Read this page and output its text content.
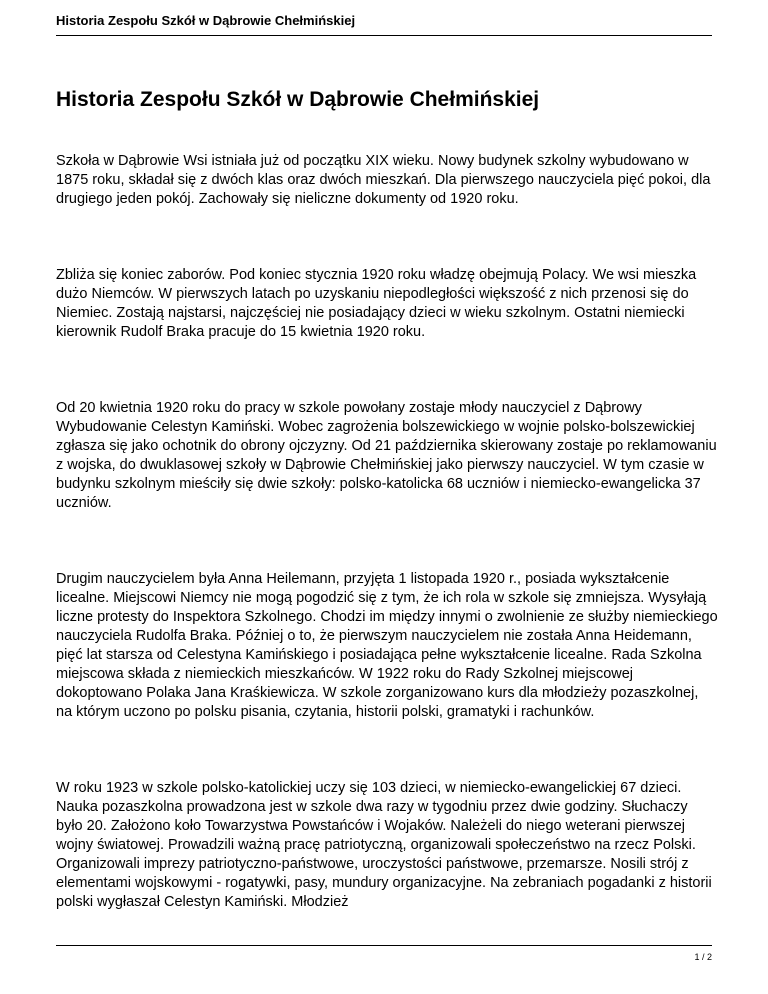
Historia Zespołu Szkół w Dąbrowie Chełmińskiej
Historia Zespołu Szkół w Dąbrowie Chełmińskiej

Szkoła w Dąbrowie Wsi istniała już od początku XIX wieku. Nowy budynek szkolny wybudowano w 1875 roku, składał się z dwóch klas oraz dwóch mieszkań. Dla pierwszego nauczyciela pięć pokoi, dla drugiego jeden pokój. Zachowały się nieliczne dokumenty od 1920 roku.

Zbliża się koniec zaborów. Pod koniec stycznia 1920 roku władzę obejmują Polacy. We wsi mieszka dużo Niemców. W pierwszych latach po uzyskaniu niepodległości większość z nich przenosi się do Niemiec. Zostają najstarsi, najczęściej nie posiadający dzieci w wieku szkolnym. Ostatni niemiecki kierownik Rudolf Braka pracuje do 15 kwietnia 1920 roku.

Od 20 kwietnia 1920 roku do pracy w szkole powołany zostaje młody nauczyciel z Dąbrowy Wybudowanie Celestyn Kamiński. Wobec zagrożenia bolszewickiego w wojnie polsko-bolszewickiej zgłasza się jako ochotnik do obrony ojczyzny. Od 21 października skierowany zostaje po reklamowaniu z wojska, do dwuklasowej szkoły w Dąbrowie Chełmińskiej jako pierwszy nauczyciel. W tym czasie w budynku szkolnym mieściły się dwie szkoły: polsko-katolicka 68 uczniów i niemiecko-ewangelicka 37 uczniów.

Drugim nauczycielem była Anna Heilemann, przyjęta 1 listopada 1920 r., posiada wykształcenie licealne. Miejscowi Niemcy nie mogą pogodzić się z tym, że ich rola w szkole się zmniejsza. Wysyłają liczne protesty do Inspektora Szkolnego. Chodzi im między innymi o zwolnienie ze służby niemieckiego nauczyciela Rudolfa Braka. Później o to, że pierwszym nauczycielem nie została Anna Heidemann, pięć lat starsza od Celestyna Kamińskiego i posiadająca pełne wykształcenie licealne. Rada Szkolna miejscowa składa z niemieckich mieszkańców. W 1922 roku do Rady Szkolnej miejscowej dokoptowano Polaka Jana Kraśkiewicza. W szkole zorganizowano kurs dla młodzieży pozaszkolnej, na którym uczono po polsku pisania, czytania, historii polski, gramatyki i rachunków.

W roku 1923 w szkole polsko-katolickiej uczy się 103 dzieci, w niemiecko-ewangelickiej 67 dzieci. Nauka pozaszkolna prowadzona jest w szkole dwa razy w tygodniu przez dwie godziny. Słuchaczy było 20. Założono koło Towarzystwa Powstańców i Wojaków. Należeli do niego weterani pierwszej wojny światowej. Prowadzili ważną pracę patriotyczną, organizowali społeczeństwo na rzecz Polski. Organizowali imprezy patriotyczno-państwowe, uroczystości państwowe, przemarsze. Nosili strój z elementami wojskowymi - rogatywki, pasy, mundury organizacyjne. Na zebraniach pogadanki z historii polski wygłaszał Celestyn Kamiński. Młodzież

1 / 2
